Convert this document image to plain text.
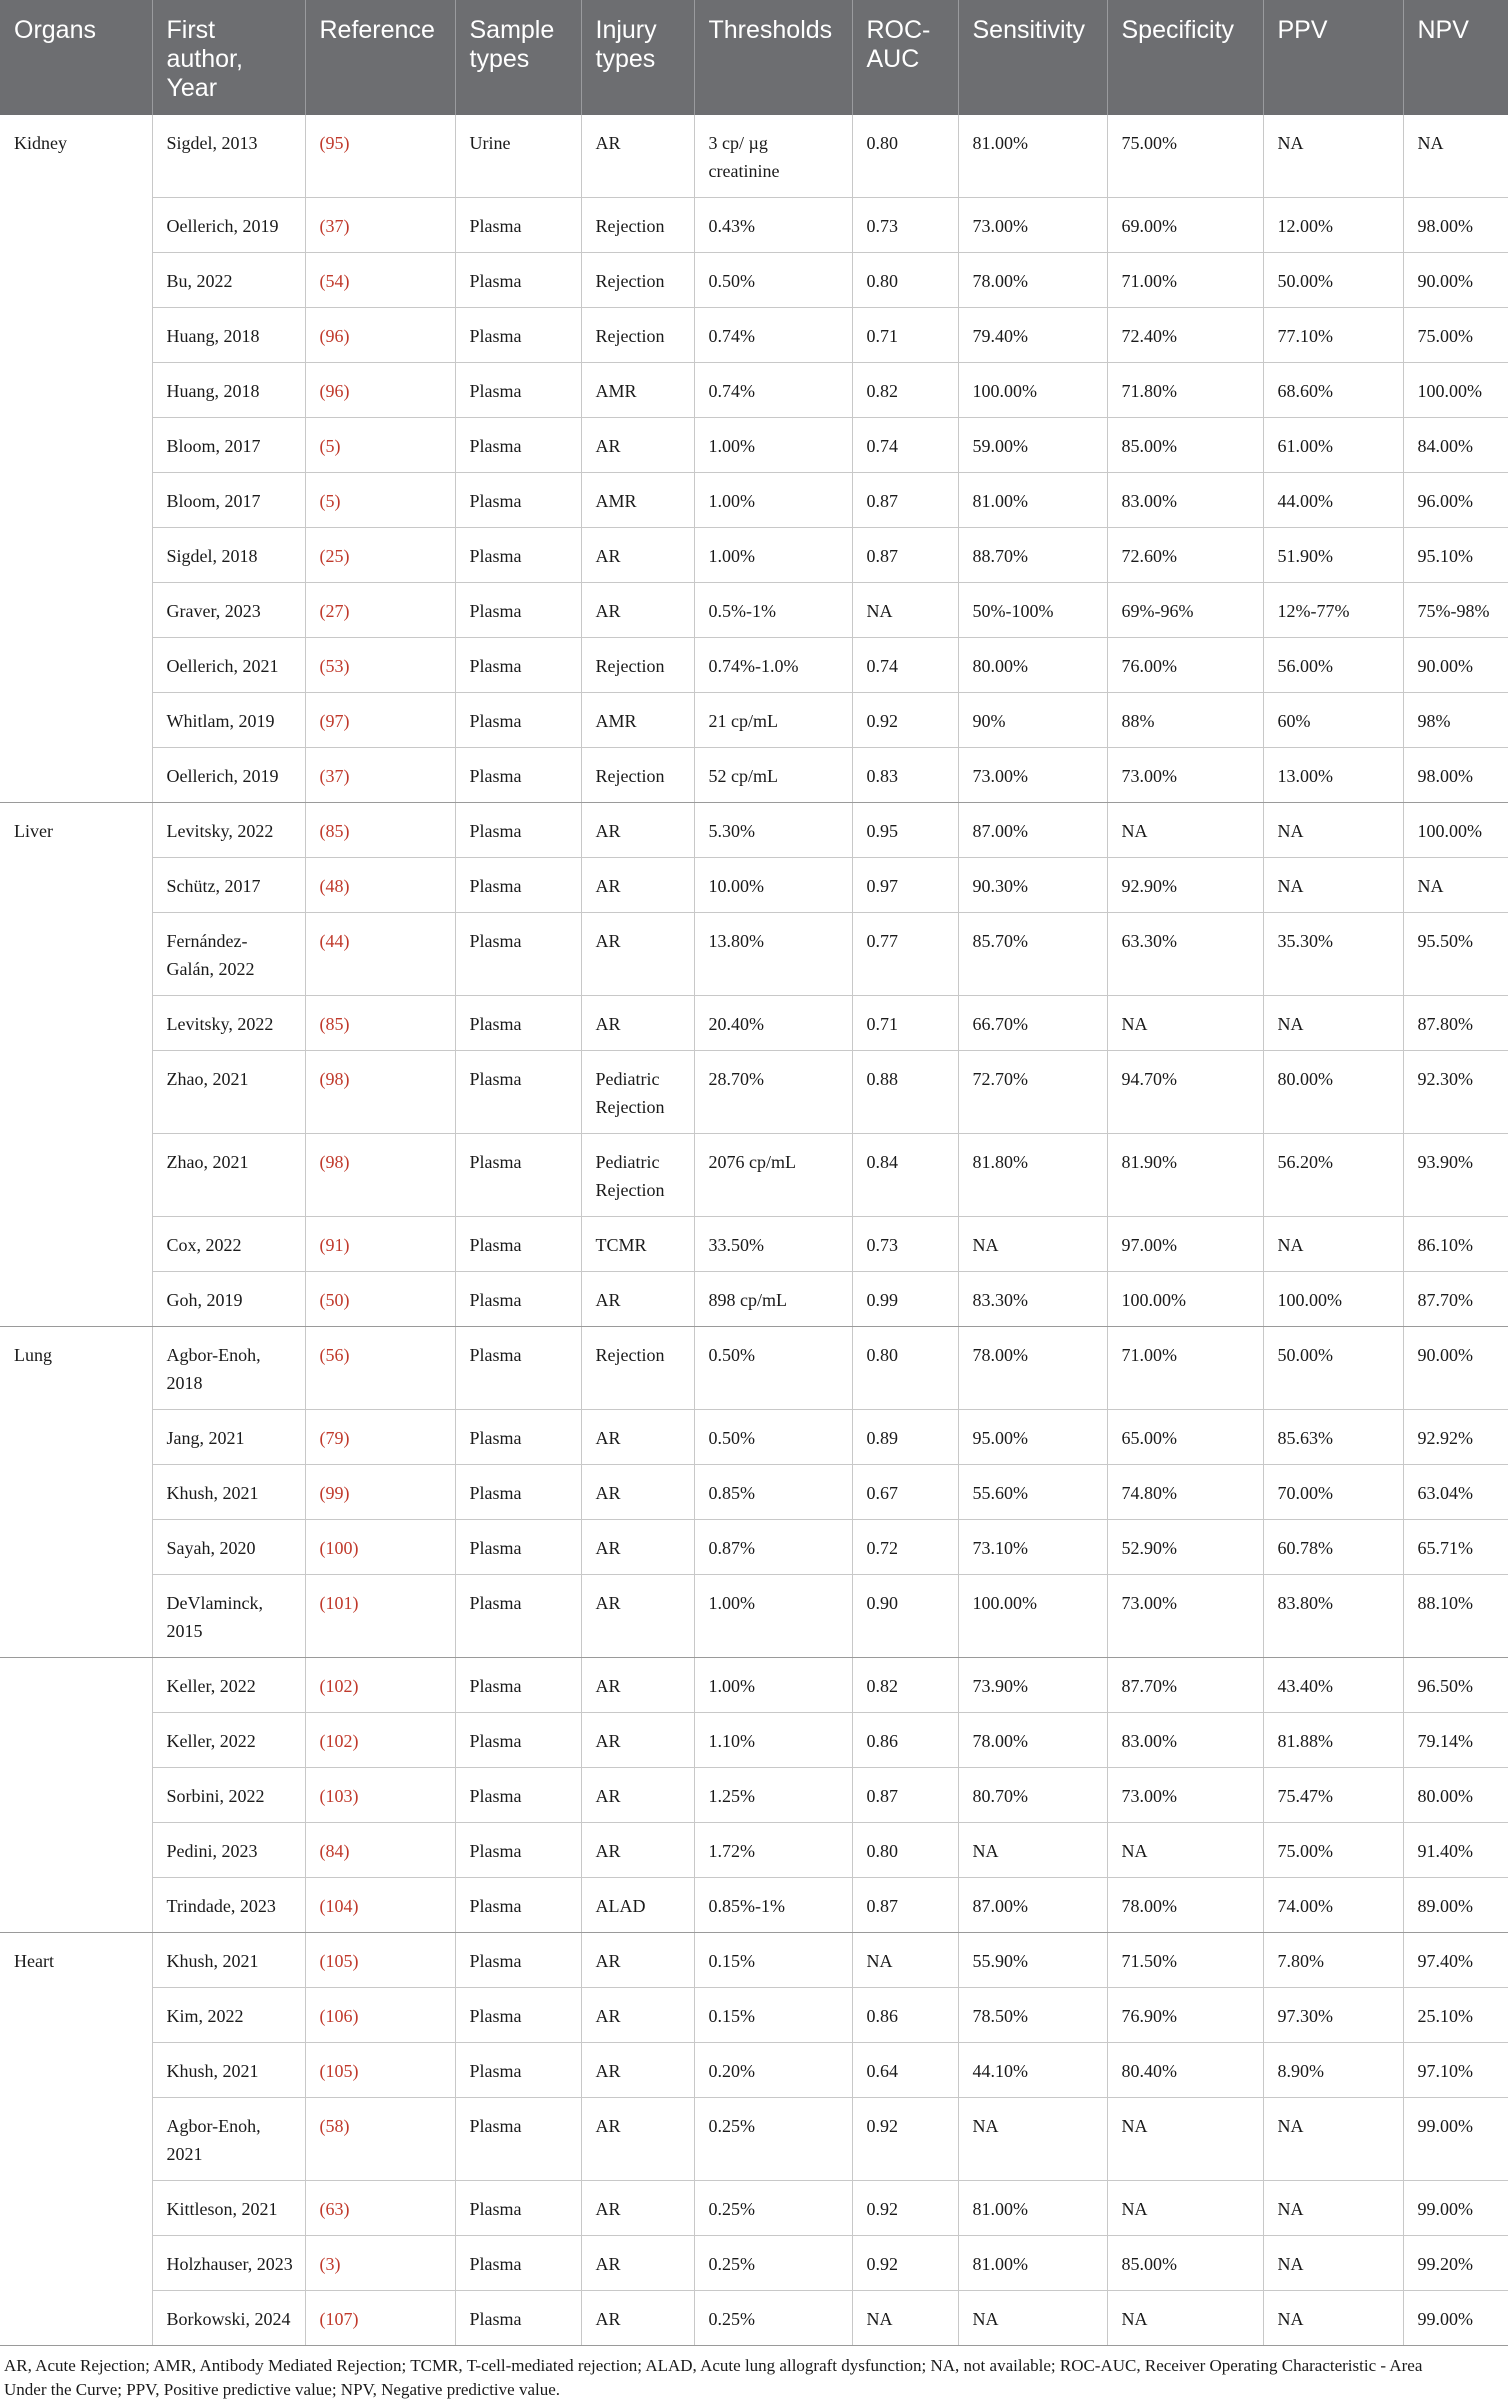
Organs	First author, Year	Reference	Sample types	Injury types	Thresholds	ROC-AUC	Sensitivity	Specificity	PPV	NPV
Kidney	Sigdel, 2013	(95)	Urine	AR	3 cp/ µg creatinine	0.80	81.00%	75.00%	NA	NA
	Oellerich, 2019	(37)	Plasma	Rejection	0.43%	0.73	73.00%	69.00%	12.00%	98.00%
	Bu, 2022	(54)	Plasma	Rejection	0.50%	0.80	78.00%	71.00%	50.00%	90.00%
	Huang, 2018	(96)	Plasma	Rejection	0.74%	0.71	79.40%	72.40%	77.10%	75.00%
	Huang, 2018	(96)	Plasma	AMR	0.74%	0.82	100.00%	71.80%	68.60%	100.00%
	Bloom, 2017	(5)	Plasma	AR	1.00%	0.74	59.00%	85.00%	61.00%	84.00%
	Bloom, 2017	(5)	Plasma	AMR	1.00%	0.87	81.00%	83.00%	44.00%	96.00%
	Sigdel, 2018	(25)	Plasma	AR	1.00%	0.87	88.70%	72.60%	51.90%	95.10%
	Graver, 2023	(27)	Plasma	AR	0.5%-1%	NA	50%-100%	69%-96%	12%-77%	75%-98%
	Oellerich, 2021	(53)	Plasma	Rejection	0.74%-1.0%	0.74	80.00%	76.00%	56.00%	90.00%
	Whitlam, 2019	(97)	Plasma	AMR	21 cp/mL	0.92	90%	88%	60%	98%
	Oellerich, 2019	(37)	Plasma	Rejection	52 cp/mL	0.83	73.00%	73.00%	13.00%	98.00%
Liver	Levitsky, 2022	(85)	Plasma	AR	5.30%	0.95	87.00%	NA	NA	100.00%
	Schütz, 2017	(48)	Plasma	AR	10.00%	0.97	90.30%	92.90%	NA	NA
	Fernández-Galán, 2022	(44)	Plasma	AR	13.80%	0.77	85.70%	63.30%	35.30%	95.50%
	Levitsky, 2022	(85)	Plasma	AR	20.40%	0.71	66.70%	NA	NA	87.80%
	Zhao, 2021	(98)	Plasma	Pediatric Rejection	28.70%	0.88	72.70%	94.70%	80.00%	92.30%
	Zhao, 2021	(98)	Plasma	Pediatric Rejection	2076 cp/mL	0.84	81.80%	81.90%	56.20%	93.90%
	Cox, 2022	(91)	Plasma	TCMR	33.50%	0.73	NA	97.00%	NA	86.10%
	Goh, 2019	(50)	Plasma	AR	898 cp/mL	0.99	83.30%	100.00%	100.00%	87.70%
Lung	Agbor-Enoh, 2018	(56)	Plasma	Rejection	0.50%	0.80	78.00%	71.00%	50.00%	90.00%
	Jang, 2021	(79)	Plasma	AR	0.50%	0.89	95.00%	65.00%	85.63%	92.92%
	Khush, 2021	(99)	Plasma	AR	0.85%	0.67	55.60%	74.80%	70.00%	63.04%
	Sayah, 2020	(100)	Plasma	AR	0.87%	0.72	73.10%	52.90%	60.78%	65.71%
	DeVlaminck, 2015	(101)	Plasma	AR	1.00%	0.90	100.00%	73.00%	83.80%	88.10%
	Keller, 2022	(102)	Plasma	AR	1.00%	0.82	73.90%	87.70%	43.40%	96.50%
	Keller, 2022	(102)	Plasma	AR	1.10%	0.86	78.00%	83.00%	81.88%	79.14%
	Sorbini, 2022	(103)	Plasma	AR	1.25%	0.87	80.70%	73.00%	75.47%	80.00%
	Pedini, 2023	(84)	Plasma	AR	1.72%	0.80	NA	NA	75.00%	91.40%
	Trindade, 2023	(104)	Plasma	ALAD	0.85%-1%	0.87	87.00%	78.00%	74.00%	89.00%
Heart	Khush, 2021	(105)	Plasma	AR	0.15%	NA	55.90%	71.50%	7.80%	97.40%
	Kim, 2022	(106)	Plasma	AR	0.15%	0.86	78.50%	76.90%	97.30%	25.10%
	Khush, 2021	(105)	Plasma	AR	0.20%	0.64	44.10%	80.40%	8.90%	97.10%
	Agbor-Enoh, 2021	(58)	Plasma	AR	0.25%	0.92	NA	NA	NA	99.00%
	Kittleson, 2021	(63)	Plasma	AR	0.25%	0.92	81.00%	NA	NA	99.00%
	Holzhauser, 2023	(3)	Plasma	AR	0.25%	0.92	81.00%	85.00%	NA	99.20%
	Borkowski, 2024	(107)	Plasma	AR	0.25%	NA	NA	NA	NA	99.00%
AR, Acute Rejection; AMR, Antibody Mediated Rejection; TCMR, T-cell-mediated rejection; ALAD, Acute lung allograft dysfunction; NA, not available; ROC-AUC, Receiver Operating Characteristic - Area Under the Curve; PPV, Positive predictive value; NPV, Negative predictive value.
